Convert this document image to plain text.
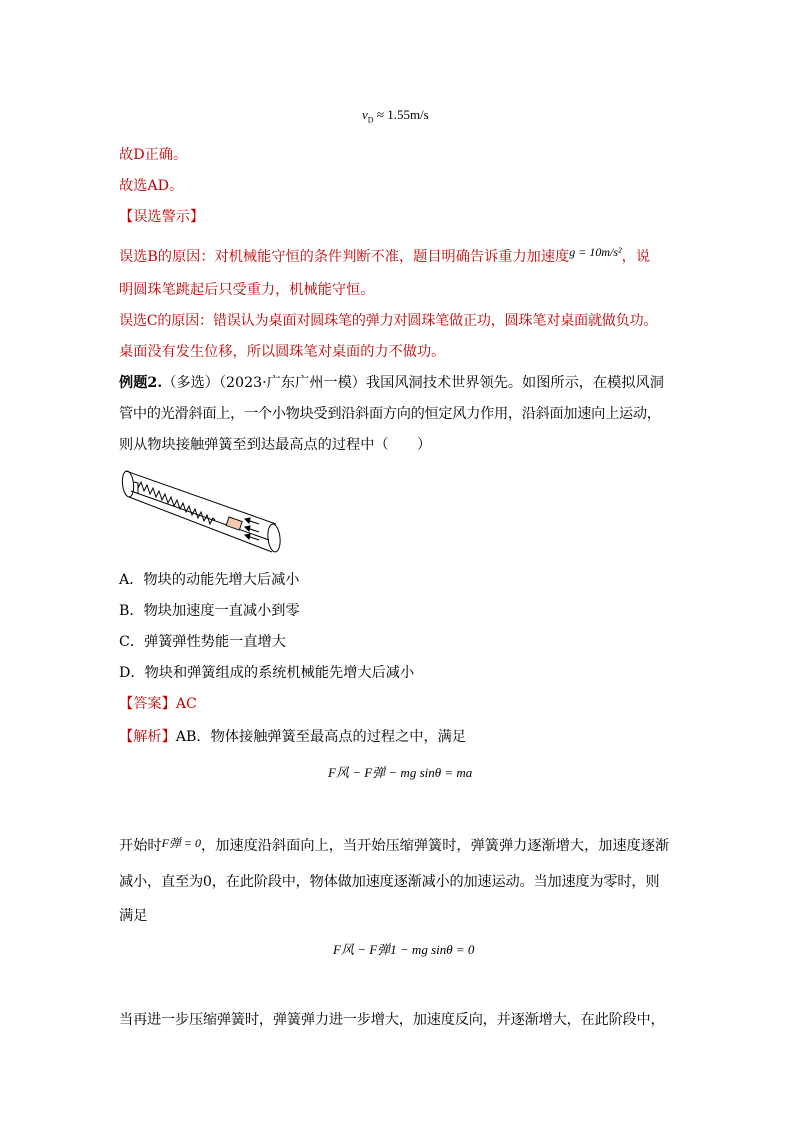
$v_D \approx 1.55m/s$
故D正确。
故选AD。
【误选警示】
误选B的原因：对机械能守恒的条件判断不准，题目明确告诉重力加速度$^{g = 10m/s^2}$，说
明圆珠笔跳起后只受重力，机械能守恒。
误选C的原因：错误认为桌面对圆珠笔的弹力对圆珠笔做正功，圆珠笔对桌面就做负功。
桌面没有发生位移，所以圆珠笔对桌面的力不做功。
例题2.（多选）（2023·广东广州一模）我国风洞技术世界领先。如图所示，在模拟风洞
管中的光滑斜面上，一个小物块受到沿斜面方向的恒定风力作用，沿斜面加速向上运动，
则从物块接触弹簧至到达最高点的过程中（　　）
A．物块的动能先增大后减小
B．物块加速度一直减小到零
C．弹簧弹性势能一直增大
D．物块和弹簧组成的系统机械能先增大后减小
【答案】AC
【解析】AB．物体接触弹簧至最高点的过程之中，满足
F风 − F弹 − mg sinθ = ma
开始时$^{F弹 = 0}$，加速度沿斜面向上，当开始压缩弹簧时，弹簧弹力逐渐增大，加速度逐渐
减小，直至为0，在此阶段中，物体做加速度逐渐减小的加速运动。当加速度为零时，则
满足
F风 − F弹1 − mg sinθ = 0
当再进一步压缩弹簧时，弹簧弹力进一步增大，加速度反向，并逐渐增大，在此阶段中，
